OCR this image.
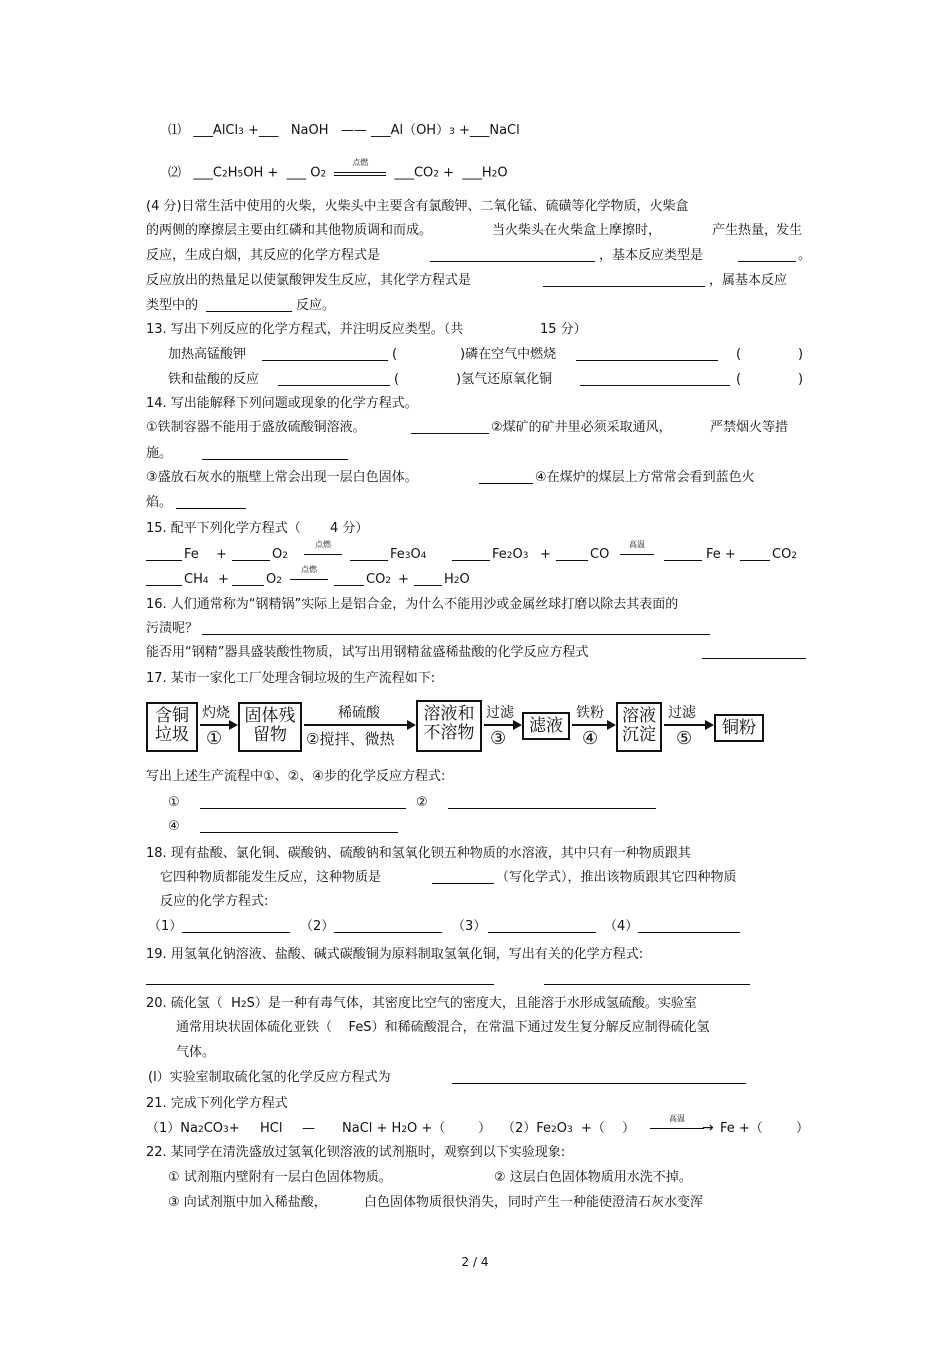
⑴ ___AlCl3 +___ NaOH —— ___Al（OH）3 +___NaCl
⑵ ___C2H5OH + ___ O2
点燃
___CO2 + ___H2O
(4 分)日常生活中使用的火柴，火柴头中主要含有氯酸钾、二氧化锰、硫磺等化学物质，火柴盒
的两侧的摩擦层主要由红磷和其他物质调和而成。	当火柴头在火柴盒上摩擦时，	产生热量，
发生
反应，生成白烟，其反应的化学方程式是	，基本反应类型是	。
反应放出的热量足以使氯酸钾发生反应，其化学方程式是	，属基本反应
类型中的	反应。
13. 写出下列反应的化学方程式，并注明反应类型。（共	15 分）
加热高锰酸钾	(	)磷在空气中燃烧	(	)
铁和盐酸的反应	(	)氢气还原氧化铜	(	)
14. 写出能解释下列问题或现象的化学方程式。
①铁制容器不能用于盛放硫酸铜溶液。	②煤矿的矿井里必须采取通风，	严禁烟火等措
施。
③盛放石灰水的瓶壁上常会出现一层白色固体。	④在煤炉的煤层上方常常会看到蓝色火
焰。
15. 配平下列化学方程式（ 4 分）
Fe +	O2
点燃
Fe3O4	Fe2O3 +	CO
高温
Fe +	CO2
CH4 +	O2
点燃
CO2 +	H2O
16. 人们通常称为“钢精锅”实际上是铝合金，为什么不能用沙或金属丝球打磨以除去其表面的
污渍呢？
能否用“钢精”器具盛装酸性物质，试写出用钢精盆盛稀盐酸的化学反应方程式
17. 某市一家化工厂处理含铜垃圾的生产流程如下:
含铜垃圾
灼烧
①
固体残留物
稀硫酸
②搅拌、微热
溶液和不溶物
过滤
③
滤液
铁粉
④
溶液沉淀
过滤
⑤	铜粉
写出上述生产流程中①、②、④步的化学反应方程式:
①	②
④
18. 现有盐酸、氯化铜、碳酸钠、硫酸钠和氢氧化钡五种物质的水溶液，其中只有一种物质跟其
它四种物质都能发生反应，这种物质是	（写化学式），推出该物质跟其它四种物质
反应的化学方程式:
（1）	（2）	（3）	（4）
19. 用氢氧化钠溶液、盐酸、碱式碳酸铜为原料制取氢氧化铜，写出有关的化学方程式:
20. 硫化氢（ H2S）是一种有毒气体，其密度比空气的密度大，且能溶于水形成氢硫酸。实验室
通常用块状固体硫化亚铁（ FeS）和稀硫酸混合，在常温下通过发生复分解反应制得硫化氢
气体。
(l）实验室制取硫化氢的化学反应方程式为
21. 完成下列化学方程式
（1）Na2CO3+ HCl — NaCl + H2O +（	） （2）Fe2O3 +（ ）
高温
→ Fe +（	）
22. 某同学在清洗盛放过氢氧化钡溶液的试剂瓶时，观察到以下实验现象:
① 试剂瓶内壁附有一层白色固体物质。	② 这层白色固体物质用水洗不掉。
③ 向试剂瓶中加入稀盐酸，	白色固体物质很快消失， 同时产生一种能使澄清石灰水变浑
2 / 4
